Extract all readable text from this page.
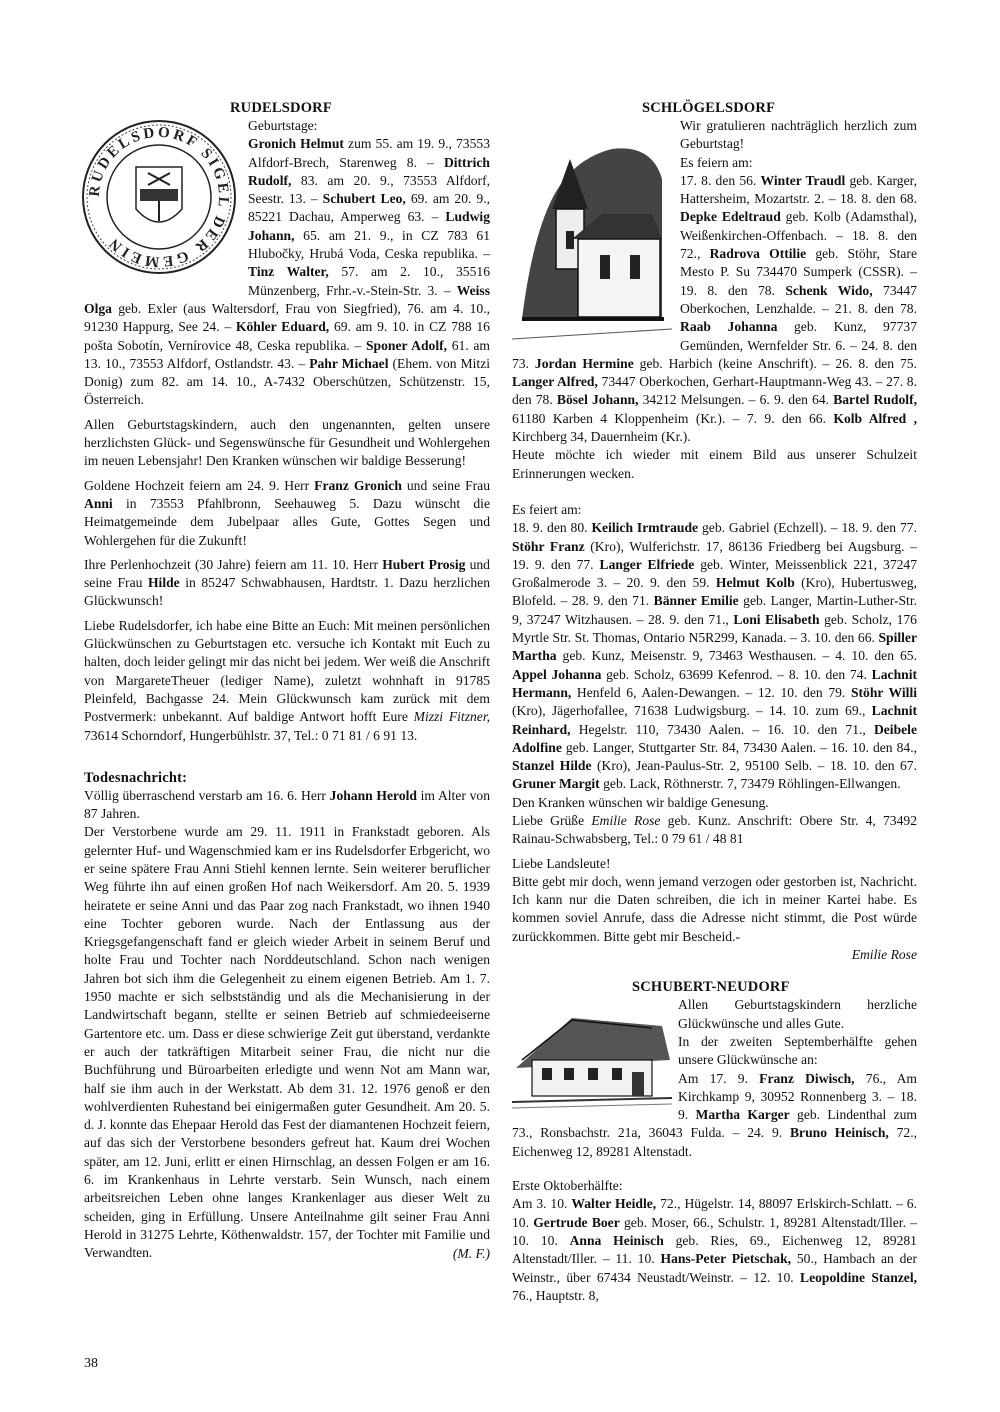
RUDELSDORF
RUDELSDORF SIGEL DER GEMEIN

Geburtstage:

Gronich Helmut zum 55. am 19. 9., 73553 Alfdorf-Brech, Starenweg 8. – Dittrich Rudolf, 83. am 20. 9., 73553 Alfdorf, Seestr. 13. – Schubert Leo, 69. am 20. 9., 85221 Dachau, Amperweg 63. – Ludwig Johann, 65. am 21. 9., in CZ 783 61 Hlubočky, Hrubá Voda, Ceska republika. – Tinz Walter, 57. am 2. 10., 35516 Münzenberg, Frhr.-v.-Stein-Str. 3. – Weiss Olga geb. Exler (aus Waltersdorf, Frau von Siegfried), 76. am 4. 10., 91230 Happurg, See 24. – Köhler Eduard, 69. am 9. 10. in CZ 788 16 pošta Sobotín, Vernírovice 48, Ceska republika. – Sponer Adolf, 61. am 13. 10., 73553 Alfdorf, Ostlandstr. 43. – Pahr Michael (Ehem. von Mitzi Donig) zum 82. am 14. 10., A-7432 Oberschützen, Schützenstr. 15, Österreich.

Allen Geburtstagskindern, auch den ungenannten, gelten unsere herzlichsten Glück- und Segenswünsche für Gesundheit und Wohlergehen im neuen Lebensjahr! Den Kranken wünschen wir baldige Besserung!

Goldene Hochzeit feiern am 24. 9. Herr Franz Gronich und seine Frau Anni in 73553 Pfahlbronn, Seehauweg 5. Dazu wünscht die Heimatgemeinde dem Jubelpaar alles Gute, Gottes Segen und Wohlergehen für die Zukunft!

Ihre Perlenhochzeit (30 Jahre) feiern am 11. 10. Herr Hubert Prosig und seine Frau Hilde in 85247 Schwabhausen, Hardtstr. 1. Dazu herzlichen Glückwunsch!

Liebe Rudelsdorfer, ich habe eine Bitte an Euch: Mit meinen persönlichen Glückwünschen zu Geburtstagen etc. versuche ich Kontakt mit Euch zu halten, doch leider gelingt mir das nicht bei jedem. Wer weiß die Anschrift von MargareteTheuer (lediger Name), zuletzt wohnhaft in 91785 Pleinfeld, Bachgasse 24. Mein Glückwunsch kam zurück mit dem Postvermerk: unbekannt. Auf baldige Antwort hofft Eure Mizzi Fitzner, 73614 Schorndorf, Hungerbühlstr. 37, Tel.: 0 71 81 / 6 91 13.

Todesnachricht:

Völlig überraschend verstarb am 16. 6. Herr Johann Herold im Alter von 87 Jahren.

Der Verstorbene wurde am 29. 11. 1911 in Frankstadt geboren. Als gelernter Huf- und Wagenschmied kam er ins Rudelsdorfer Erbgericht, wo er seine spätere Frau Anni Stiehl kennen lernte. Sein weiterer beruflicher Weg führte ihn auf einen großen Hof nach Weikersdorf. Am 20. 5. 1939 heiratete er seine Anni und das Paar zog nach Frankstadt, wo ihnen 1940 eine Tochter geboren wurde. Nach der Entlassung aus der Kriegsgefangenschaft fand er gleich wieder Arbeit in seinem Beruf und holte Frau und Tochter nach Norddeutschland. Schon nach wenigen Jahren bot sich ihm die Gelegenheit zu einem eigenen Betrieb. Am 1. 7. 1950 machte er sich selbstständig und als die Mechanisierung in der Landwirtschaft begann, stellte er seinen Betrieb auf schmiedeeiserne Gartentore etc. um. Dass er diese schwierige Zeit gut überstand, verdankte er auch der tatkräftigen Mitarbeit seiner Frau, die nicht nur die Buchführung und Büroarbeiten erledigte und wenn Not am Mann war, half sie ihm auch in der Werkstatt. Ab dem 31. 12. 1976 genoß er den wohlverdienten Ruhestand bei einigermaßen guter Gesundheit. Am 20. 5. d. J. konnte das Ehepaar Herold das Fest der diamantenen Hochzeit feiern, auf das sich der Verstorbene besonders gefreut hat. Kaum drei Wochen später, am 12. Juni, erlitt er einen Hirnschlag, an dessen Folgen er am 16. 6. im Krankenhaus in Lehrte verstarb. Sein Wunsch, nach einem arbeitsreichen Leben ohne langes Krankenlager aus dieser Welt zu scheiden, ging in Erfüllung. Unsere Anteilnahme gilt seiner Frau Anni Herold in 31275 Lehrte, Köthenwaldstr. 157, der Tochter mit Familie und Verwandten.	(M. F.)

SCHLÖGELSDORF

Wir gratulieren nachträglich herzlich zum Geburtstag!

Es feiern am:

17. 8. den 56. Winter Traudl geb. Karger, Hattersheim, Mozartstr. 2. – 18. 8. den 68. Depke Edeltraud geb. Kolb (Adamsthal), Weißenkirchen-Offenbach. – 18. 8. den 72., Radrova Ottilie geb. Stöhr, Stare Mesto P. Su 734470 Sumperk (CSSR). – 19. 8. den 78. Schenk Wido, 73447 Oberkochen, Lenzhalde. – 21. 8. den 78. Raab Johanna geb. Kunz, 97737 Gemünden, Wernfelder Str. 6. – 24. 8. den 73. Jordan Hermine geb. Harbich (keine Anschrift). – 26. 8. den 75. Langer Alfred, 73447 Oberkochen, Gerhart-Hauptmann-Weg 43. – 27. 8. den 78. Bösel Johann, 34212 Melsungen. – 6. 9. den 64. Bartel Rudolf, 61180 Karben 4 Kloppenheim (Kr.). – 7. 9. den 66. Kolb Alfred , Kirchberg 34, Dauernheim (Kr.).

Heute möchte ich wieder mit einem Bild aus unserer Schulzeit Erinnerungen wecken.

Es feiert am:

18. 9. den 80. Keilich Irmtraude geb. Gabriel (Echzell). – 18. 9. den 77. Stöhr Franz (Kro), Wulferichstr. 17, 86136 Friedberg bei Augsburg. – 19. 9. den 77. Langer Elfriede geb. Winter, Meissenblick 221, 37247 Großalmerode 3. – 20. 9. den 59. Helmut Kolb (Kro), Hubertusweg, Blofeld. – 28. 9. den 71. Bänner Emilie geb. Langer, Martin-Luther-Str. 9, 37247 Witzhausen. – 28. 9. den 71., Loni Elisabeth geb. Scholz, 176 Myrtle Str. St. Thomas, Ontario N5R299, Kanada. – 3. 10. den 66. Spiller Martha geb. Kunz, Meisenstr. 9, 73463 Westhausen. – 4. 10. den 65. Appel Johanna geb. Scholz, 63699 Kefenrod. – 8. 10. den 74. Lachnit Hermann, Henfeld 6, Aalen-Dewangen. – 12. 10. den 79. Stöhr Willi (Kro), Jägerhofallee, 71638 Ludwigsburg. – 14. 10. zum 69., Lachnit Reinhard, Hegelstr. 110, 73430 Aalen. – 16. 10. den 71., Deibele Adolfine geb. Langer, Stuttgarter Str. 84, 73430 Aalen. – 16. 10. den 84., Stanzel Hilde (Kro), Jean-Paulus-Str. 2, 95100 Selb. – 18. 10. den 67. Gruner Margit geb. Lack, Röthnerstr. 7, 73479 Röhlingen-Ellwangen.

Den Kranken wünschen wir baldige Genesung.

Liebe Grüße Emilie Rose geb. Kunz. Anschrift: Obere Str. 4, 73492 Rainau-Schwabsberg, Tel.: 0 79 61 / 48 81

Liebe Landsleute!

Bitte gebt mir doch, wenn jemand verzogen oder gestorben ist, Nachricht. Ich kann nur die Daten schreiben, die ich in meiner Kartei habe. Es kommen soviel Anrufe, dass die Adresse nicht stimmt, die Post würde zurückkommen. Bitte gebt mir Bescheid.-

Emilie Rose

SCHUBERT-NEUDORF

Allen Geburtstagskindern herzliche Glückwünsche und alles Gute.

In der zweiten Septemberhälfte gehen unsere Glückwünsche an:

Am 17. 9. Franz Diwisch, 76., Am Kirchkamp 9, 30952 Ronnenberg 3. – 18. 9. Martha Karger geb. Lindenthal zum 73., Ronsbachstr. 21a, 36043 Fulda. – 24. 9. Bruno Heinisch, 72., Eichenweg 12, 89281 Altenstadt.

Erste Oktoberhälfte:

Am 3. 10. Walter Heidle, 72., Hügelstr. 14, 88097 Erlskirch-Schlatt. – 6. 10. Gertrude Boer geb. Moser, 66., Schulstr. 1, 89281 Altenstadt/Iller. – 10. 10. Anna Heinisch geb. Ries, 69., Eichenweg 12, 89281 Altenstadt/Iller. – 11. 10. Hans-Peter Pietschak, 50., Hambach an der Weinstr., über 67434 Neustadt/Weinstr. – 12. 10. Leopoldine Stanzel, 76., Hauptstr. 8,

38
